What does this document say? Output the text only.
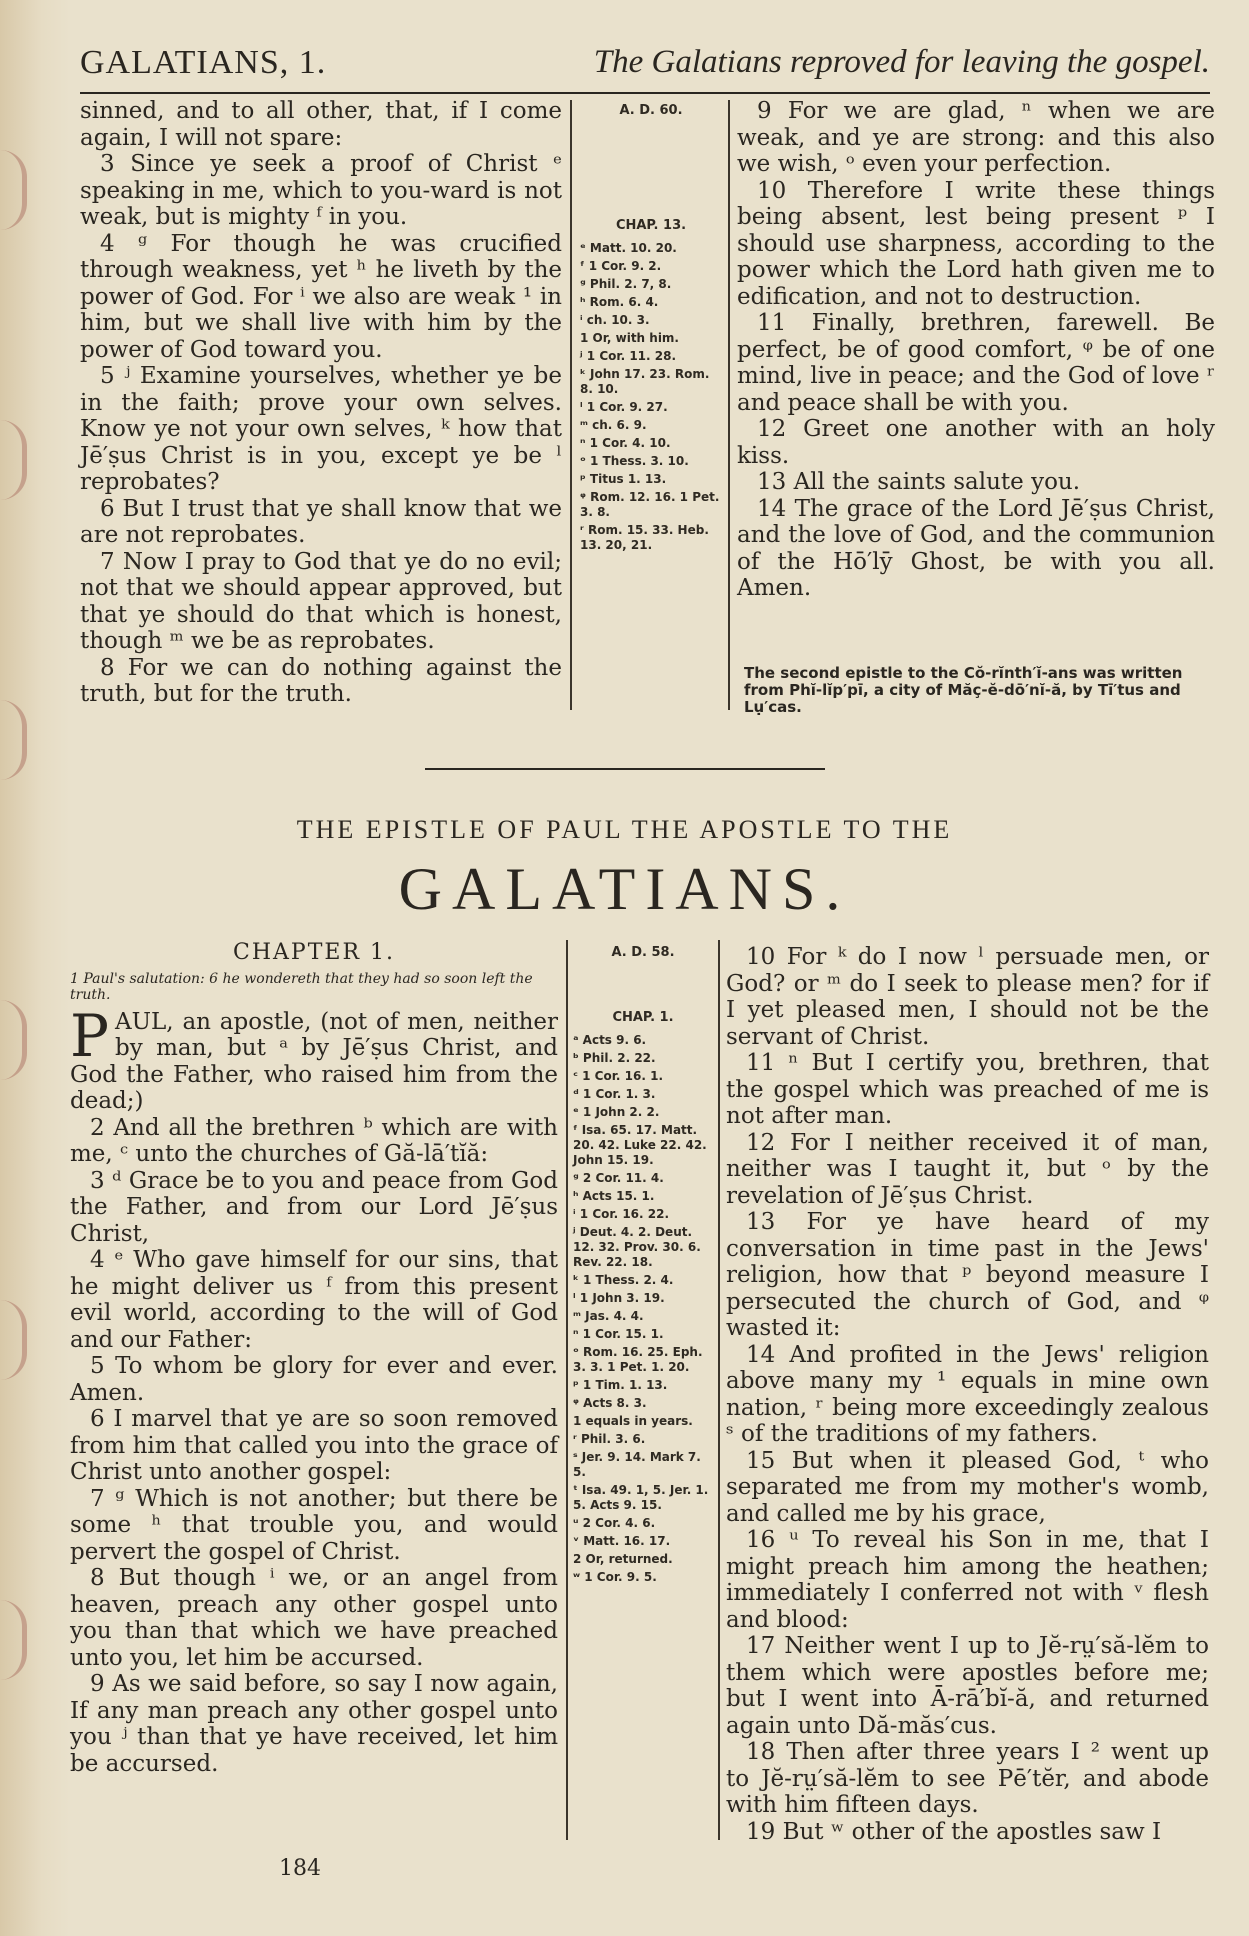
GALATIANS, 1.	The Galatians reproved for leaving the gospel.

sinned, and to all other, that, if I come again, I will not spare:

3 Since ye seek a proof of Christ ᵉ speaking in me, which to you-ward is not weak, but is mighty ᶠ in you.

4 ᵍ For though he was crucified through weakness, yet ʰ he liveth by the power of God. For ⁱ we also are weak ¹ in him, but we shall live with him by the power of God toward you.

5 ʲ Examine yourselves, whether ye be in the faith; prove your own selves. Know ye not your own selves, ᵏ how that Jē′ṣus Christ is in you, except ye be ˡ reprobates?

6 But I trust that ye shall know that we are not reprobates.

7 Now I pray to God that ye do no evil; not that we should appear approved, but that ye should do that which is honest, though ᵐ we be as reprobates.

8 For we can do nothing against the truth, but for the truth.

A. D. 60.
CHAP. 13.
ᵉ Matt. 10. 20.
ᶠ 1 Cor. 9. 2.
ᵍ Phil. 2. 7, 8.
ʰ Rom. 6. 4.
ⁱ ch. 10. 3.
1 Or, with him.
ʲ 1 Cor. 11. 28.
ᵏ John 17. 23. Rom. 8. 10.
ˡ 1 Cor. 9. 27.
ᵐ ch. 6. 9.
ⁿ 1 Cor. 4. 10.
ᵒ 1 Thess. 3. 10.
ᵖ Titus 1. 13.
ᵠ Rom. 12. 16. 1 Pet. 3. 8.
ʳ Rom. 15. 33. Heb. 13. 20, 21.

9 For we are glad, ⁿ when we are weak, and ye are strong: and this also we wish, ᵒ even your perfection.

10 Therefore I write these things being absent, lest being present ᵖ I should use sharpness, according to the power which the Lord hath given me to edification, and not to destruction.

11 Finally, brethren, farewell. Be perfect, be of good comfort, ᵠ be of one mind, live in peace; and the God of love ʳ and peace shall be with you.

12 Greet one another with an holy kiss.

13 All the saints salute you.

14 The grace of the Lord Jē′ṣus Christ, and the love of God, and the communion of the Hō′lȳ Ghost, be with you all. Amen.

The second epistle to the Cŏ-rĭnth′ĭ-ans was written from Phĭ-lĭp′pī, a city of Măç-ĕ-dō′nĭ-ă, by Tī′tus and Lụ′cas.
THE EPISTLE OF PAUL THE APOSTLE TO THE
GALATIANS.
CHAPTER 1.
1 Paul's salutation: 6 he wondereth that they had so soon left the truth.

P AUL, an apostle, (not of men, neither by man, but ᵃ by Jē′ṣus Christ, and God the Father, who raised him from the dead;)

2 And all the brethren ᵇ which are with me, ᶜ unto the churches of Gă-lā′tĭă:

3 ᵈ Grace be to you and peace from God the Father, and from our Lord Jē′ṣus Christ,

4 ᵉ Who gave himself for our sins, that he might deliver us ᶠ from this present evil world, according to the will of God and our Father:

5 To whom be glory for ever and ever. Amen.

6 I marvel that ye are so soon removed from him that called you into the grace of Christ unto another gospel:

7 ᵍ Which is not another; but there be some ʰ that trouble you, and would pervert the gospel of Christ.

8 But though ⁱ we, or an angel from heaven, preach any other gospel unto you than that which we have preached unto you, let him be accursed.

9 As we said before, so say I now again, If any man preach any other gospel unto you ʲ than that ye have received, let him be accursed.

A. D. 58.
CHAP. 1.
ᵃ Acts 9. 6.
ᵇ Phil. 2. 22.
ᶜ 1 Cor. 16. 1.
ᵈ 1 Cor. 1. 3.
ᵉ 1 John 2. 2.
ᶠ Isa. 65. 17. Matt. 20. 42. Luke 22. 42. John 15. 19.
ᵍ 2 Cor. 11. 4.
ʰ Acts 15. 1.
ⁱ 1 Cor. 16. 22.
ʲ Deut. 4. 2. Deut. 12. 32. Prov. 30. 6. Rev. 22. 18.
ᵏ 1 Thess. 2. 4.
ˡ 1 John 3. 19.
ᵐ Jas. 4. 4.
ⁿ 1 Cor. 15. 1.
ᵒ Rom. 16. 25. Eph. 3. 3. 1 Pet. 1. 20.
ᵖ 1 Tim. 1. 13.
ᵠ Acts 8. 3.
1 equals in years.
ʳ Phil. 3. 6.
ˢ Jer. 9. 14. Mark 7. 5.
ᵗ Isa. 49. 1, 5. Jer. 1. 5. Acts 9. 15.
ᵘ 2 Cor. 4. 6.
ᵛ Matt. 16. 17.
2 Or, returned.
ʷ 1 Cor. 9. 5.

10 For ᵏ do I now ˡ persuade men, or God? or ᵐ do I seek to please men? for if I yet pleased men, I should not be the servant of Christ.

11 ⁿ But I certify you, brethren, that the gospel which was preached of me is not after man.

12 For I neither received it of man, neither was I taught it, but ᵒ by the revelation of Jē′ṣus Christ.

13 For ye have heard of my conversation in time past in the Jews' religion, how that ᵖ beyond measure I persecuted the church of God, and ᵠ wasted it:

14 And profited in the Jews' religion above many my ¹ equals in mine own nation, ʳ being more exceedingly zealous ˢ of the traditions of my fathers.

15 But when it pleased God, ᵗ who separated me from my mother's womb, and called me by his grace,

16 ᵘ To reveal his Son in me, that I might preach him among the heathen; immediately I conferred not with ᵛ flesh and blood:

17 Neither went I up to Jĕ-rṳ′să-lĕm to them which were apostles before me; but I went into Ā-rā′bĭ-ă, and returned again unto Dă-măs′cus.

18 Then after three years I ² went up to Jĕ-rṳ′să-lĕm to see Pē′tĕr, and abode with him fifteen days.

19 But ʷ other of the apostles saw I

184
